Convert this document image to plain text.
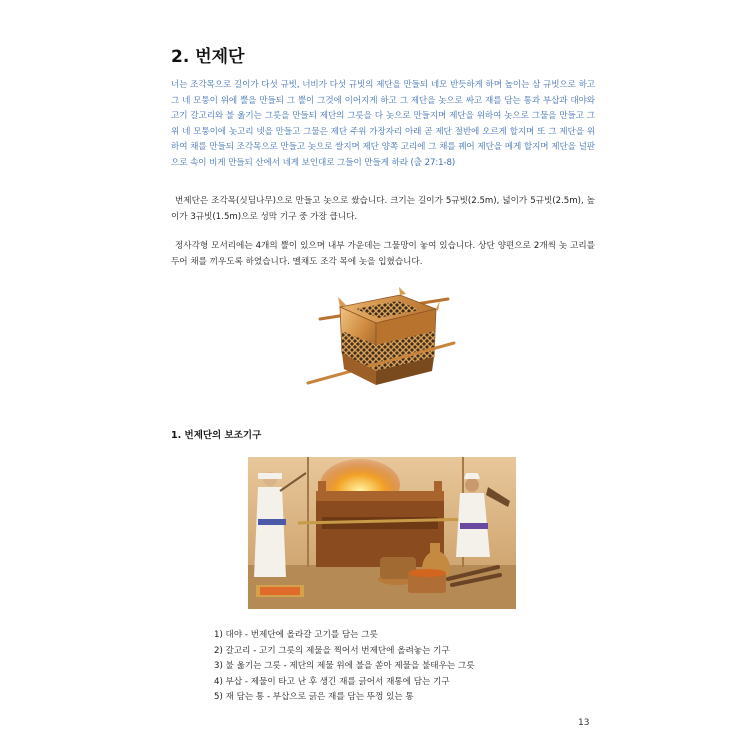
2. 번제단

너는 조각목으로 길이가 다섯 규빗, 너비가 다섯 규빗의 제단을 만들되 네모 반듯하게 하며 높이는 삼 규빗으로 하고 그 네 모퉁이 위에 뿔을 만들되 그 뿔이 그것에 이어지게 하고 그 제단을 놋으로 싸고 재를 담는 통과 부삽과 대야와 고기 갈고리와 불 옮기는 그릇을 만들되 제단의 그릇을 다 놋으로 만들지며 제단을 위하여 놋으로 그물을 만들고 그 위 네 모퉁이에 놋고리 넷을 만들고 그물은 제단 주위 가장자리 아래 곧 제단 절반에 오르게 할지며 또 그 제단을 위하여 채를 만들되 조각목으로 만들고 놋으로 쌀지며 제단 양쪽 고리에 그 채를 꿰어 제단을 메게 할지며 제단을 널판으로 속이 비게 만들되 산에서 네게 보인대로 그들이 만들게 하라 (출 27:1-8)

번제단은 조각목(싯딤나무)으로 만들고 놋으로 쌌습니다. 크기는 길이가 5규빗(2.5m), 넓이가 5규빗(2.5m), 높이가 3규빗(1.5m)으로 성막 기구 중 가장 큽니다.

정사각형 모서리에는 4개의 뿔이 있으며 내부 가운데는 그물망이 놓여 있습니다. 상단 양편으로 2개씩 놋 고리를 두어 채를 끼우도록 하였습니다. 멜채도 조각 목에 놋을 입혔습니다.

1. 번제단의 보조기구
1) 대야 - 번제단에 올라갈 고기를 담는 그릇
2) 갈고리 - 고기 그릇의 제물을 찍어서 번제단에 올려놓는 기구
3) 불 옮기는 그릇 - 제단의 제물 위에 불을 쏟아 제물을 불태우는 그릇
4) 부삽 - 제물이 타고 난 후 생긴 재를 긁어서 재통에 담는 기구
5) 재 담는 통 - 부삽으로 긁은 재를 담는 뚜껑 있는 통
13
